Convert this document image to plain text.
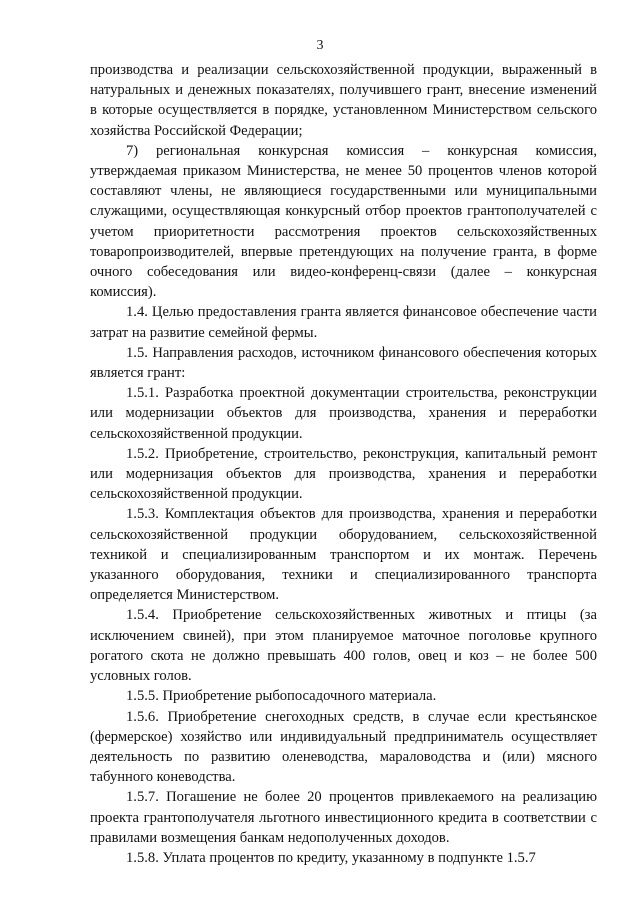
3

производства и реализации сельскохозяйственной продукции, выраженный в натуральных и денежных показателях, получившего грант, внесение изменений в которые осуществляется в порядке, установленном Министерством сельского хозяйства Российской Федерации;

7) региональная конкурсная комиссия – конкурсная комиссия, утверждаемая приказом Министерства, не менее 50 процентов членов которой составляют члены, не являющиеся государственными или муниципальными служащими, осуществляющая конкурсный отбор проектов грантополучателей с учетом приоритетности рассмотрения проектов сельскохозяйственных товаропроизводителей, впервые претендующих на получение гранта, в форме очного собеседования или видео-конференц-связи (далее – конкурсная комиссия).

1.4. Целью предоставления гранта является финансовое обеспечение части затрат на развитие семейной фермы.

1.5. Направления расходов, источником финансового обеспечения которых является грант:

1.5.1. Разработка проектной документации строительства, реконструкции или модернизации объектов для производства, хранения и переработки сельскохозяйственной продукции.

1.5.2. Приобретение, строительство, реконструкция, капитальный ремонт или модернизация объектов для производства, хранения и переработки сельскохозяйственной продукции.

1.5.3. Комплектация объектов для производства, хранения и переработки сельскохозяйственной продукции оборудованием, сельскохозяйственной техникой и специализированным транспортом и их монтаж. Перечень указанного оборудования, техники и специализированного транспорта определяется Министерством.

1.5.4. Приобретение сельскохозяйственных животных и птицы (за исключением свиней), при этом планируемое маточное поголовье крупного рогатого скота не должно превышать 400 голов, овец и коз – не более 500 условных голов.

1.5.5. Приобретение рыбопосадочного материала.

1.5.6. Приобретение снегоходных средств, в случае если крестьянское (фермерское) хозяйство или индивидуальный предприниматель осуществляет деятельность по развитию оленеводства, мараловодства и (или) мясного табунного коневодства.

1.5.7. Погашение не более 20 процентов привлекаемого на реализацию проекта грантополучателя льготного инвестиционного кредита в соответствии с правилами возмещения банкам недополученных доходов.

1.5.8. Уплата процентов по кредиту, указанному в подпункте 1.5.7
